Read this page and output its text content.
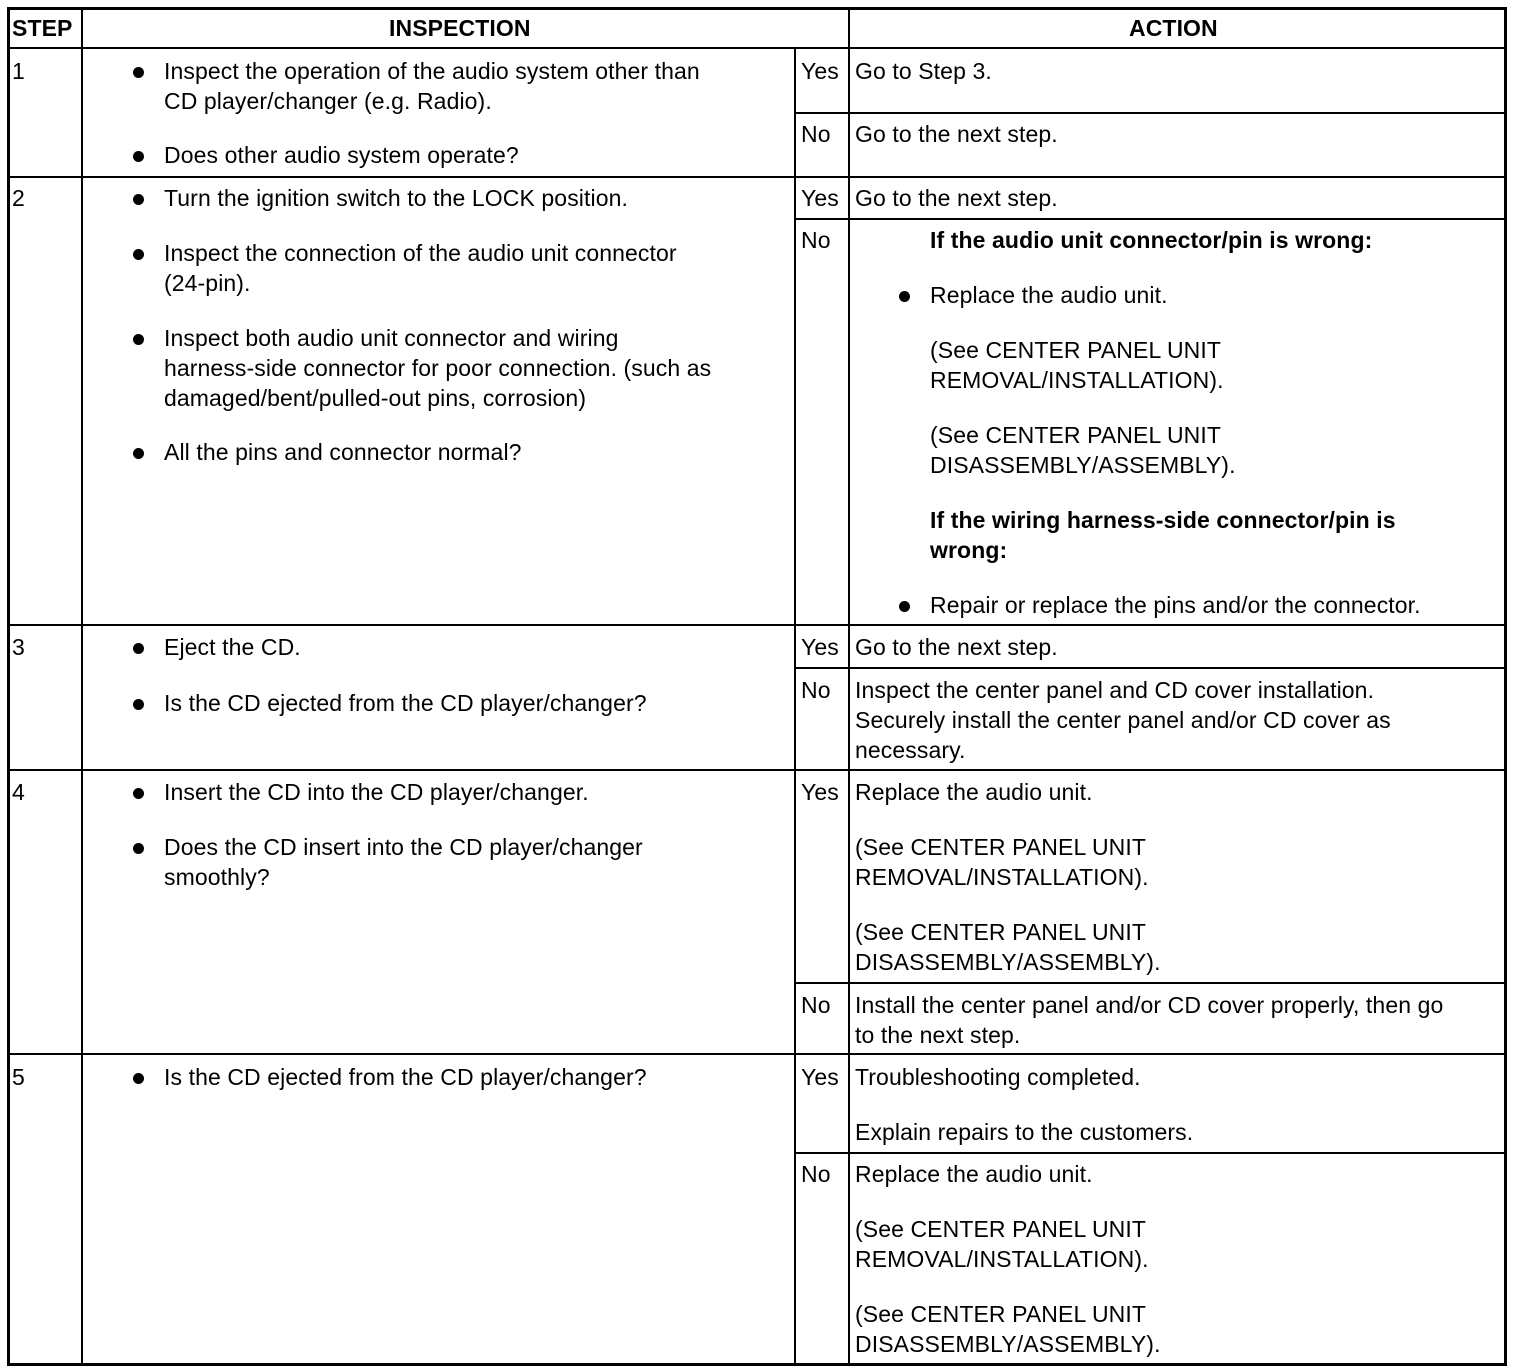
STEP	INSPECTION	ACTION
1	Inspect the operation of the audio system other than
CD player/changer (e.g. Radio).
Does other audio system operate?
Yes Go to Step 3.
No Go to the next step.
2	Turn the ignition switch to the LOCK position.
Inspect the connection of the audio unit connector
(24-pin).
Inspect both audio unit connector and wiring
harness-side connector for poor connection. (such as
damaged/bent/pulled-out pins, corrosion)
All the pins and connector normal?
Yes Go to the next step.
No	If the audio unit connector/pin is wrong:
Replace the audio unit.
(See CENTER PANEL UNIT
REMOVAL/INSTALLATION).
(See CENTER PANEL UNIT
DISASSEMBLY/ASSEMBLY).
If the wiring harness-side connector/pin is
wrong:
Repair or replace the pins and/or the connector.
3	Eject the CD.
Is the CD ejected from the CD player/changer?
Yes Go to the next step.
No Inspect the center panel and CD cover installation.
Securely install the center panel and/or CD cover as
necessary.
4	Insert the CD into the CD player/changer.
Does the CD insert into the CD player/changer
smoothly?
Yes Replace the audio unit.
(See CENTER PANEL UNIT
REMOVAL/INSTALLATION).
(See CENTER PANEL UNIT
DISASSEMBLY/ASSEMBLY).
No Install the center panel and/or CD cover properly, then go
to the next step.
5	Is the CD ejected from the CD player/changer?	Yes Troubleshooting completed.
Explain repairs to the customers.
No Replace the audio unit.
(See CENTER PANEL UNIT
REMOVAL/INSTALLATION).
(See CENTER PANEL UNIT
DISASSEMBLY/ASSEMBLY).
